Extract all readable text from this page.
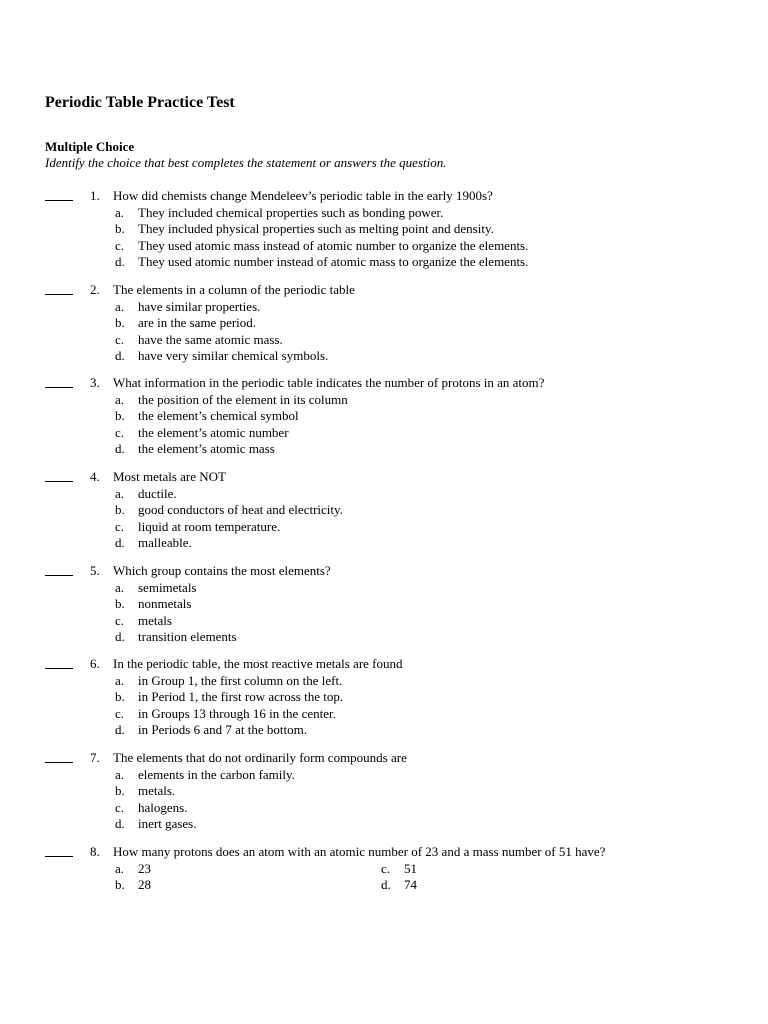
Periodic Table Practice Test
Multiple Choice
Identify the choice that best completes the statement or answers the question.
1. How did chemists change Mendeleev’s periodic table in the early 1900s?
a. They included chemical properties such as bonding power.
b. They included physical properties such as melting point and density.
c. They used atomic mass instead of atomic number to organize the elements.
d. They used atomic number instead of atomic mass to organize the elements.
2. The elements in a column of the periodic table
a. have similar properties.
b. are in the same period.
c. have the same atomic mass.
d. have very similar chemical symbols.
3. What information in the periodic table indicates the number of protons in an atom?
a. the position of the element in its column
b. the element’s chemical symbol
c. the element’s atomic number
d. the element’s atomic mass
4. Most metals are NOT
a. ductile.
b. good conductors of heat and electricity.
c. liquid at room temperature.
d. malleable.
5. Which group contains the most elements?
a. semimetals
b. nonmetals
c. metals
d. transition elements
6. In the periodic table, the most reactive metals are found
a. in Group 1, the first column on the left.
b. in Period 1, the first row across the top.
c. in Groups 13 through 16 in the center.
d. in Periods 6 and 7 at the bottom.
7. The elements that do not ordinarily form compounds are
a. elements in the carbon family.
b. metals.
c. halogens.
d. inert gases.
8. How many protons does an atom with an atomic number of 23 and a mass number of 51 have?
a. 23	c. 51
b. 28	d. 74
